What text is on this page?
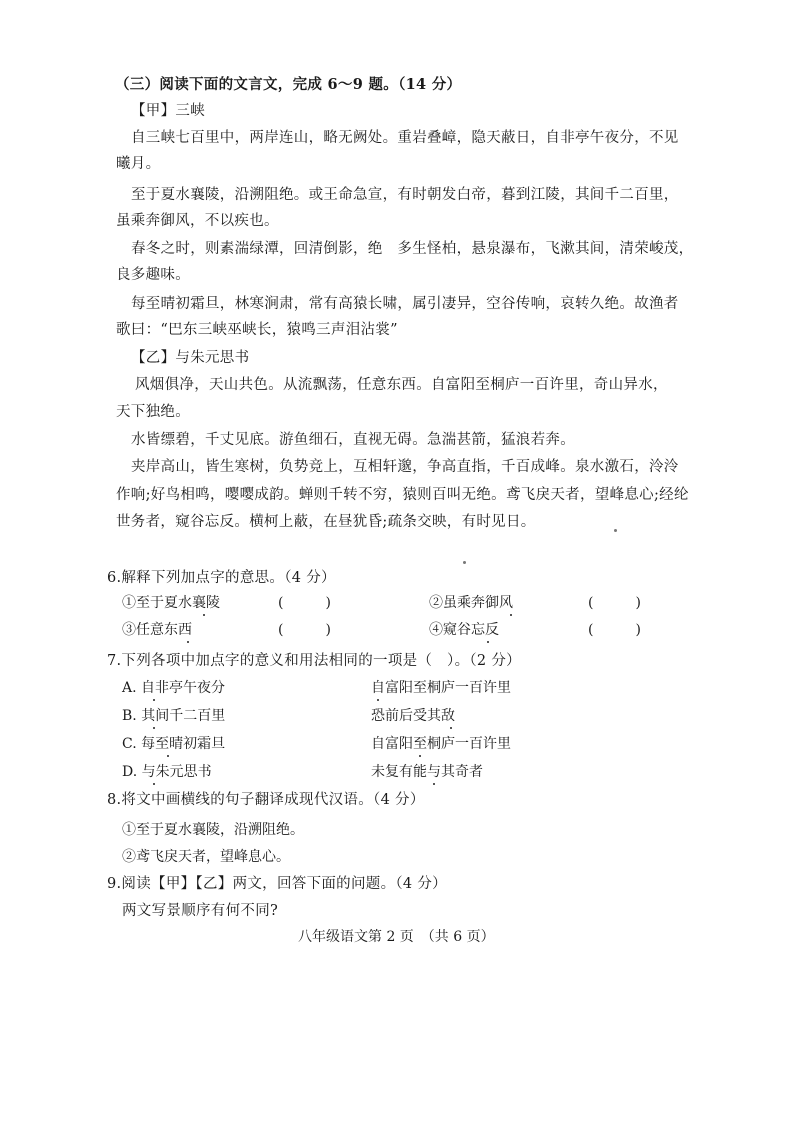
（三）阅读下面的文言文，完成 6～9 题。（14 分）
【甲】三峡
自三峡七百里中，两岸连山，略无阙处。重岩叠嶂，隐天蔽日，自非亭午夜分，不见
曦月。
至于夏水襄陵，沿溯阻绝。或王命急宣，有时朝发白帝，暮到江陵，其间千二百里，
虽乘奔御风，不以疾也。
春冬之时，则素湍绿潭，回清倒影，绝　多生怪柏，悬泉瀑布，飞漱其间，清荣峻茂，
良多趣味。
每至晴初霜旦，林寒涧肃，常有高猿长啸，属引凄异，空谷传响，哀转久绝。故渔者
歌曰：“巴东三峡巫峡长，猿鸣三声泪沾裳”
【乙】与朱元思书
风烟俱净，天山共色。从流飘荡，任意东西。自富阳至桐庐一百许里，奇山异水，
天下独绝。
水皆缥碧，千丈见底。游鱼细石，直视无碍。急湍甚箭，猛浪若奔。
夹岸高山，皆生寒树，负势竞上，互相轩邈，争高直指，千百成峰。泉水激石，泠泠
作响;好鸟相鸣，嘤嘤成韵。蝉则千转不穷，猿则百叫无绝。鸢飞戾天者，望峰息心;经纶
世务者，窥谷忘反。横柯上蔽，在昼犹昏;疏条交映，有时见日。
6.解释下列加点字的意思。（4 分）
①至于夏水襄陵	(　　　)	②虽乘奔御风	(　　　)
③任意东西	(　　　)	④窥谷忘反	(　　　)
7.下列各项中加点字的意义和用法相同的一项是（　）。（2 分）
A. 自非亭午夜分	自富阳至桐庐一百许里
B. 其间千二百里	恐前后受其敌
C. 每至晴初霜旦	自富阳至桐庐一百许里
D. 与朱元思书	未复有能与其奇者
8.将文中画横线的句子翻译成现代汉语。（4 分）
①至于夏水襄陵，沿溯阻绝。
②鸢飞戾天者，望峰息心。
9.阅读【甲】【乙】两文，回答下面的问题。（4 分）
两文写景顺序有何不同?
八年级语文第 2 页　（共 6 页）
